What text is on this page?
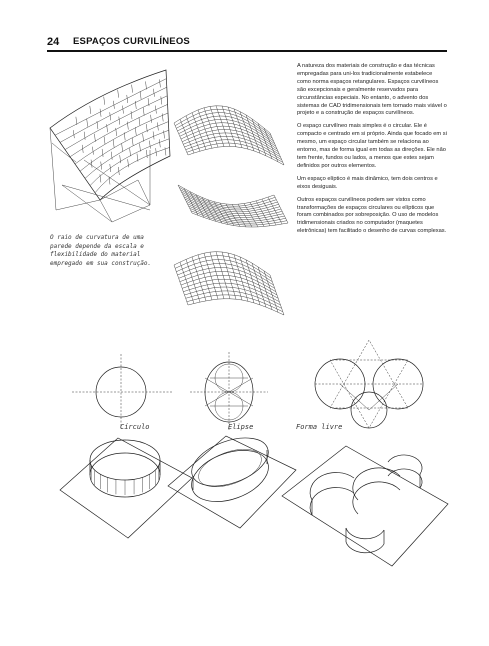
24 ESPAÇOS CURVILÍNEOS

A natureza dos materiais de construção e das técnicas empregadas para uni-los tradicionalmente estabelece como norma espaços retangulares. Espaços curvilíneos são excepcionais e geralmente reservados para circunstâncias especiais. No entanto, o advento dos sistemas de CAD tridimensionais tem tornado mais viável o projeto e a construção de espaços curvilíneos.

O espaço curvilíneo mais simples é o circular. Ele é compacto e centrado em si próprio. Ainda que focado em si mesmo, um espaço circular também se relaciona ao entorno, mas de forma igual em todas as direções. Ele não tem frente, fundos ou lados, a menos que estes sejam definidos por outros elementos.

Um espaço elíptico é mais dinâmico, tem dois centros e eixos desiguais.

Outros espaços curvilíneos podem ser vistos como transformações de espaços circulares ou elípticos que foram combinados por sobreposição. O uso de modelos tridimensionais criados no computador (maquetes eletrônicas) tem facilitado o desenho de curvas complexas.

O raio de curvatura de uma parede depende da escala e flexibilidade do material empregado em sua construção.
Círculo	Elipse	Forma livre
